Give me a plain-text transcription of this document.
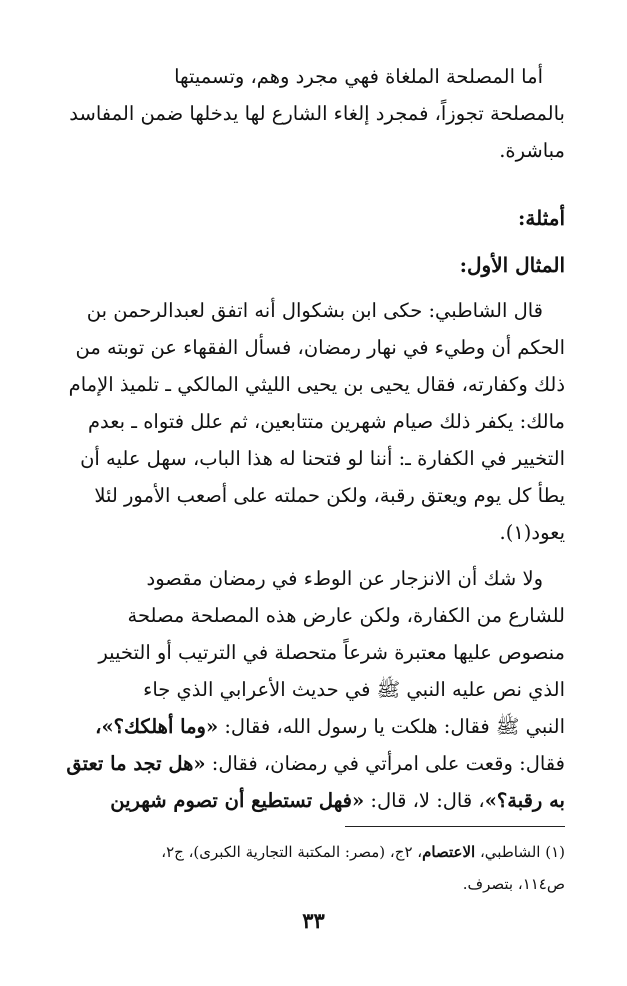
أما المصلحة الملغاة فهي مجرد وهم، وتسميتها
بالمصلحة تجوزاً، فمجرد إلغاء الشارع لها يدخلها ضمن المفاسد
مباشرة.
أمثلة:
المثال الأول:
قال الشاطبي: حكى ابن بشكوال أنه اتفق لعبدالرحمن بن
الحكم أن وطيء في نهار رمضان، فسأل الفقهاء عن توبته من
ذلك وكفارته، فقال يحيى بن يحيى الليثي المالكي ـ تلميذ الإمام
مالك: يكفر ذلك صيام شهرين متتابعين، ثم علل فتواه ـ بعدم
التخيير في الكفارة ـ: أننا لو فتحنا له هذا الباب، سهل عليه أن
يطأ كل يوم ويعتق رقبة، ولكن حملته على أصعب الأمور لئلا
يعود(١).
ولا شك أن الانزجار عن الوطء في رمضان مقصود
للشارع من الكفارة، ولكن عارض هذه المصلحة مصلحة
منصوص عليها معتبرة شرعاً متحصلة في الترتيب أو التخيير
الذي نص عليه النبي ﷺ في حديث الأعرابي الذي جاء
النبي ﷺ فقال: هلكت يا رسول الله، فقال: «وما أهلكك؟»،
فقال: وقعت على امرأتي في رمضان، فقال: «هل تجد ما تعتق
به رقبة؟»، قال: لا، قال: «فهل تستطيع أن تصوم شهرين
(١) الشاطبي، الاعتصام، ٢ج، (مصر: المكتبة التجارية الكبرى)، ج٢،
ص١١٤، بتصرف.
٣٣
